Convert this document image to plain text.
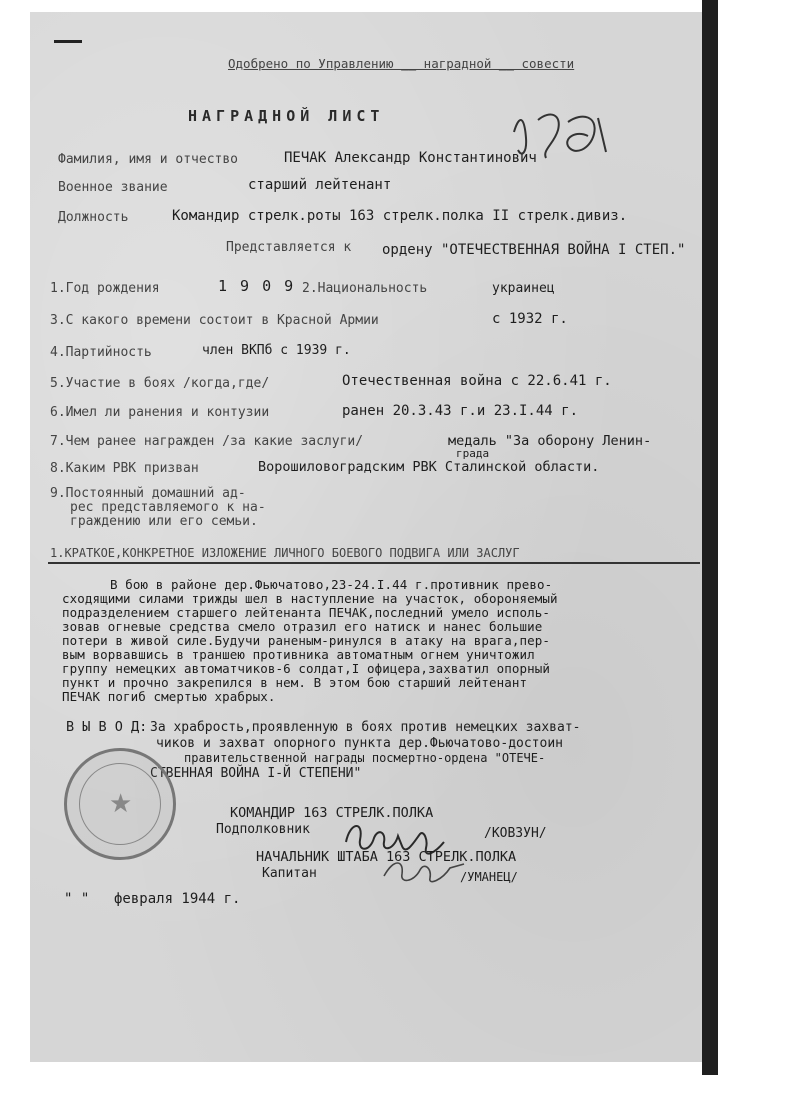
Одобрено по Управлению __ наградной __ совести
НАГРАДНОЙ ЛИСТ
Фамилия, имя и отчество	ПЕЧАК Александр Константинович
Военное звание	старший лейтенант
Должность	Командир стрелк.роты 163 стрелк.полка II стрелк.дивиз.
Представляется к ордену "ОТЕЧЕСТВЕННАЯ ВОЙНА I СТЕП."
1.Год рождения	1 9 0 9 2.Национальность	украинец
3.С какого времени состоит в Красной Армии	с 1932 г.
4.Партийность	член ВКПб с 1939 г.
5.Участие в боях /когда,где/	Отечественная война с 22.6.41 г.
6.Имел ли ранения и контузии	ранен 20.3.43 г.и 23.I.44 г.
7.Чем ранее награжден /за какие заслуги/	медаль "За оборону Ленин-
града
8.Каким РВК призван	Ворошиловоградским РВК Сталинской области.
9.Постоянный домашний ад-
рес представляемого к на-
граждению или его семьи.
1.КРАТКОЕ,КОНКРЕТНОЕ ИЗЛОЖЕНИЕ ЛИЧНОГО БОЕВОГО ПОДВИГА ИЛИ ЗАСЛУГ
В бою в районе дер.Фьючатово,23-24.I.44 г.противник прево-
сходящими силами трижды шел в наступление на участок, обороняемый
подразделением старшего лейтенанта ПЕЧАК,последний умело исполь-
зовав огневые средства смело отразил его натиск и нанес большие
потери в живой силе.Будучи раненым-ринулся в атаку на врага,пер-
вым ворвавшись в траншею противника автоматным огнем уничтожил
группу немецких автоматчиков-6 солдат,I офицера,захватил опорный
пункт и прочно закрепился в нем. В этом бою старший лейтенант
ПЕЧАК погиб смертью храбрых.
В Ы В О Д: За храбрость,проявленную в боях против немецких захват-
чиков и захват опорного пункта дер.Фьючатово-достоин
правительственной награды посмертно-ордена "ОТЕЧЕ-
СТВЕННАЯ ВОЙНА I-Й СТЕПЕНИ"
★	КОМАНДИР 163 СТРЕЛК.ПОЛКА
Подполковник	/КОВЗУН/
НАЧАЛЬНИК ШТАБА 163 СТРЕЛК.ПОЛКА
Капитан	/УМАНЕЦ/
" " февраля 1944 г.
